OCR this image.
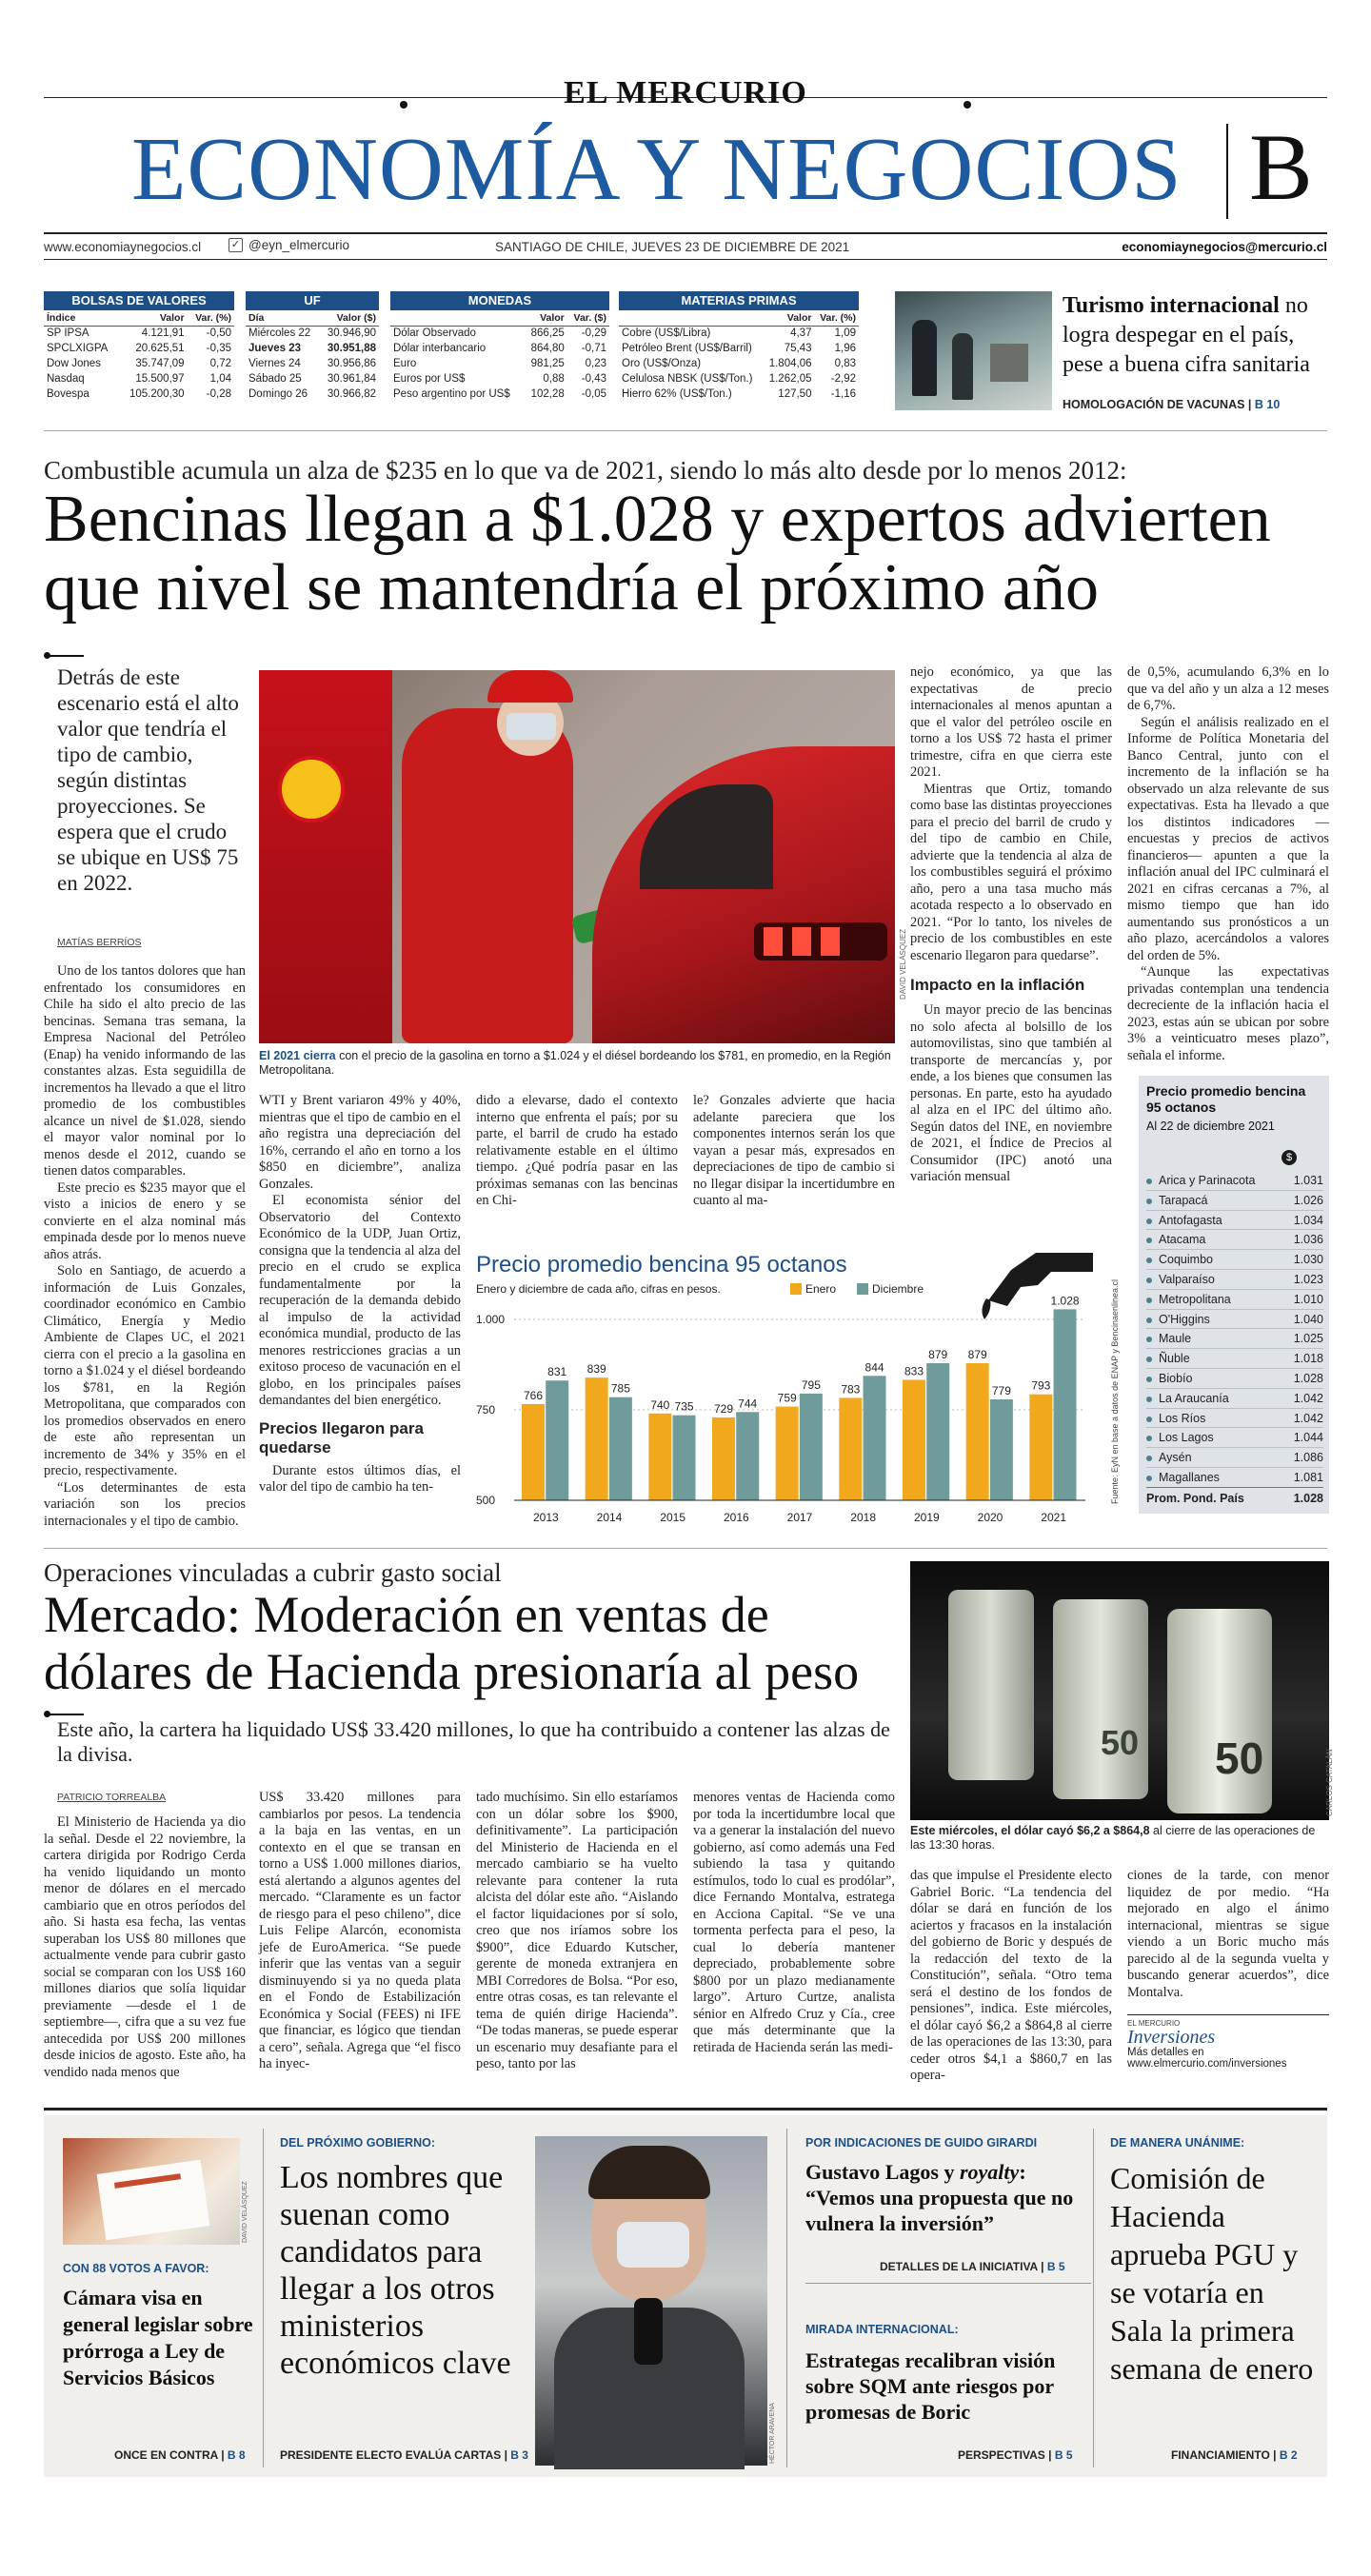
EL MERCURIO
ECONOMÍA Y NEGOCIOS B
www.economiaynegocios.cl	✓ @eyn_elmercurio	SANTIAGO DE CHILE, JUEVES 23 DE DICIEMBRE DE 2021	economiaynegocios@mercurio.cl
BOLSAS DE VALORES
Índice	Valor	Var. (%)
SP IPSA	4.121,91	-0,50
SPCLXIGPA	20.625,51	-0,35
Dow Jones	35.747,09	0,72
Nasdaq	15.500,97	1,04
Bovespa	105.200,30	-0,28
UF
Día	Valor ($)
Miércoles 22	30.946,90
Jueves 23	30.951,88
Viernes 24	30.956,86
Sábado 25	30.961,84
Domingo 26	30.966,82
MONEDAS
	Valor	Var. ($)
Dólar Observado	866,25	-0,29
Dólar interbancario	864,80	-0,71
Euro	981,25	0,23
Euros por US$	0,88	-0,43
Peso argentino por US$	102,28	-0,05
MATERIAS PRIMAS
	Valor	Var. (%)
Cobre (US$/Libra)	4,37	1,09
Petróleo Brent (US$/Barril)	75,43	1,96
Oro (US$/Onza)	1.804,06	0,83
Celulosa NBSK (US$/Ton.)	1.262,05	-2,92
Hierro 62% (US$/Ton.)	127,50	-1,16
Turismo internacional no logra despegar en el país, pese a buena cifra sanitaria
HOMOLOGACIÓN DE VACUNAS | B 10
Combustible acumula un alza de $235 en lo que va de 2021, siendo lo más alto desde por lo menos 2012:
Bencinas llegan a $1.028 y expertos advierten que nivel se mantendría el próximo año
Detrás de este escenario está el alto valor que tendría el tipo de cambio, según distintas proyecciones. Se espera que el crudo se ubique en US$ 75 en 2022.
MATÍAS BERRÍOS

Uno de los tantos dolores que han enfrentado los consumidores en Chile ha sido el alto precio de las bencinas. Semana tras semana, la Empresa Nacional del Petróleo (Enap) ha venido informando de las constantes alzas. Esta seguidilla de incrementos ha llevado a que el litro promedio de los combustibles alcance un nivel de $1.028, siendo el mayor valor nominal por lo menos desde el 2012, cuando se tienen datos comparables.

Este precio es $235 mayor que el visto a inicios de enero y se convierte en el alza nominal más empinada desde por lo menos nueve años atrás.

Solo en Santiago, de acuerdo a información de Luis Gonzales, coordinador económico en Cambio Climático, Energía y Medio Ambiente de Clapes UC, el 2021 cierra con el precio a la gasolina en torno a $1.024 y el diésel bordeando los $781, en la Región Metropolitana, que comparados con los promedios observados en enero de este año representan un incremento de 34% y 35% en el precio, respectivamente.

“Los determinantes de esta variación son los precios internacionales y el tipo de cambio.

DAVID VELÁSQUEZ
El 2021 cierra con el precio de la gasolina en torno a $1.024 y el diésel bordeando los $781, en promedio, en la Región Metropolitana.

WTI y Brent variaron 49% y 40%, mientras que el tipo de cambio en el año registra una depreciación del 16%, cerrando el año en torno a los $850 en diciembre”, analiza Gonzales.

El economista sénior del Observatorio del Contexto Económico de la UDP, Juan Ortiz, consigna que la tendencia al alza del precio en el crudo se explica fundamentalmente por la recuperación de la demanda debido al impulso de la actividad económica mundial, producto de las menores restricciones gracias a un exitoso proceso de vacunación en el globo, en los principales países demandantes del bien energético.

Precios llegaron para quedarse

Durante estos últimos días, el valor del tipo de cambio ha ten-

dido a elevarse, dado el contexto interno que enfrenta el país; por su parte, el barril de crudo ha estado relativamente estable en el último tiempo. ¿Qué podría pasar en las próximas semanas con las bencinas en Chi-
le? Gonzales advierte que hacia adelante pareciera que los componentes internos serán los que vayan a pesar más, expresados en depreciaciones de tipo de cambio si no llegar disipar la incertidumbre en cuanto al ma-

nejo económico, ya que las expectativas de precio internacionales al menos apuntan a que el valor del petróleo oscile en torno a los US$ 72 hasta el primer trimestre, cifra en que cierra este 2021.

Mientras que Ortiz, tomando como base las distintas proyecciones para el precio del barril de crudo y del tipo de cambio en Chile, advierte que la tendencia al alza de los combustibles seguirá el próximo año, pero a una tasa mucho más acotada respecto a lo observado en 2021. “Por lo tanto, los niveles de precio de los combustibles en este escenario llegaron para quedarse”.

Impacto en la inflación

Un mayor precio de las bencinas no solo afecta al bolsillo de los automovilistas, sino que también al transporte de mercancías y, por ende, a los bienes que consumen las personas. En parte, esto ha ayudado al alza en el IPC del último año. Según datos del INE, en noviembre de 2021, el Índice de Precios al Consumidor (IPC) anotó una variación mensual

de 0,5%, acumulando 6,3% en lo que va del año y un alza a 12 meses de 6,7%.

Según el análisis realizado en el Informe de Política Monetaria del Banco Central, junto con el incremento de la inflación se ha observado un alza relevante de sus expectativas. Esta ha llevado a que los distintos indicadores —encuestas y precios de activos financieros— apunten a que la inflación anual del IPC culminará el 2021 en cifras cercanas a 7%, al mismo tiempo que han ido aumentando sus pronósticos a un año plazo, acercándolos a valores del orden de 5%.

“Aunque las expectativas privadas contemplan una tendencia decreciente de la inflación hacia el 2023, estas aún se ubican por sobre 3% a veinticuatro meses plazo”, señala el informe.

Precio promedio bencina 95 octanos
Enero y diciembre de cada año, cifras en pesos.	Enero	Diciembre
1.000
750
500
766
831 839
785
740 735 729 744 759
795 783
844 833
879 879
779 793
1.028
2013	2014	2015	2016	2017	2018	2019	2020	2021
Fuente: EyN en base a datos de ENAP y Bencinaenlinea.cl
Precio promedio bencina 95 octanos
Al 22 de diciembre 2021
$
Arica y Parinacota	1.031
Tarapacá	1.026
Antofagasta	1.034
Atacama	1.036
Coquimbo	1.030
Valparaíso	1.023
Metropolitana	1.010
O'Higgins	1.040
Maule	1.025
Ñuble	1.018
Biobío	1.028
La Araucanía	1.042
Los Ríos	1.042
Los Lagos	1.044
Aysén	1.086
Magallanes	1.081
Prom. Pond. País	1.028
Operaciones vinculadas a cubrir gasto social
Mercado: Moderación en ventas de dólares de Hacienda presionaría al peso
Este año, la cartera ha liquidado US$ 33.420 millones, lo que ha contribuido a contener las alzas de la divisa.
PATRICIO TORREALBA
El Ministerio de Hacienda ya dio la señal. Desde el 22 noviembre, la cartera dirigida por Rodrigo Cerda ha venido liquidando un monto menor de dólares en el mercado cambiario que en otros períodos del año. Si hasta esa fecha, las ventas superaban los US$ 80 millones que actualmente vende para cubrir gasto social se comparan con los US$ 160 millones diarios que solía liquidar previamente —desde el 1 de septiembre—, cifra que a su vez fue antecedida por US$ 200 millones desde inicios de agosto. Este año, ha vendido nada menos que
US$ 33.420 millones para cambiarlos por pesos. La tendencia a la baja en las ventas, en un contexto en el que se transan en torno a US$ 1.000 millones diarios, está alertando a algunos agentes del mercado. “Claramente es un factor de riesgo para el peso chileno”, dice Luis Felipe Alarcón, economista jefe de EuroAmerica. “Se puede inferir que las ventas van a seguir disminuyendo si ya no queda plata en el Fondo de Estabilización Económica y Social (FEES) ni IFE que financiar, es lógico que tiendan a cero”, señala. Agrega que “el fisco ha inyec-
tado muchísimo. Sin ello estaríamos con un dólar sobre los $900, definitivamente”. La participación del Ministerio de Hacienda en el mercado cambiario se ha vuelto relevante para contener la ruta alcista del dólar este año. “Aislando el factor liquidaciones por sí solo, creo que nos iríamos sobre los $900”, dice Eduardo Kutscher, gerente de moneda extranjera en MBI Corredores de Bolsa. “Por eso, entre otras cosas, es tan relevante el tema de quién dirige Hacienda”. “De todas maneras, se puede esperar un escenario muy desafiante para el peso, tanto por las
menores ventas de Hacienda como por toda la incertidumbre local que va a generar la instalación del nuevo gobierno, así como además una Fed subiendo la tasa y quitando estímulos, todo lo cual es prodólar”, dice Fernando Montalva, estratega en Acciona Capital. “Se ve una tormenta perfecta para el peso, la cual lo debería mantener depreciado, probablemente sobre $800 por un plazo medianamente largo”. Arturo Curtze, analista sénior en Alfredo Cruz y Cía., cree que más determinante que la retirada de Hacienda serán las medi-
50
50
CARLOS CATALÁN
Este miércoles, el dólar cayó $6,2 a $864,8 al cierre de las operaciones de las 13:30 horas.
das que impulse el Presidente electo Gabriel Boric. “La tendencia del dólar se dará en función de los aciertos y fracasos en la instalación del gobierno de Boric y después de la redacción del texto de la Constitución”, señala. “Otro tema será el destino de los fondos de pensiones”, indica. Este miércoles, el dólar cayó $6,2 a $864,8 al cierre de las operaciones de las 13:30, para ceder otros $4,1 a $860,7 en las opera-
ciones de la tarde, con menor liquidez de por medio. “Ha mejorado en algo el ánimo internacional, mientras se sigue viendo a un Boric mucho más parecido al de la segunda vuelta y buscando generar acuerdos”, dice Montalva.
EL MERCURIO
Inversiones
Más detalles en
www.elmercurio.com/inversiones
DAVID VELÁSQUEZ
CON 88 VOTOS A FAVOR:
Cámara visa en general legislar sobre prórroga a Ley de Servicios Básicos
ONCE EN CONTRA | B 8
DEL PRÓXIMO GOBIERNO:
Los nombres que suenan como candidatos para llegar a los otros ministerios económicos clave
HÉCTOR ARAVENA
PRESIDENTE ELECTO EVALÚA CARTAS | B 3
POR INDICACIONES DE GUIDO GIRARDI
Gustavo Lagos y royalty: “Vemos una propuesta que no vulnera la inversión”
DETALLES DE LA INICIATIVA | B 5
MIRADA INTERNACIONAL:
Estrategas recalibran visión sobre SQM ante riesgos por promesas de Boric
PERSPECTIVAS | B 5
DE MANERA UNÁNIME:
Comisión de Hacienda aprueba PGU y se votaría en Sala la primera semana de enero
FINANCIAMIENTO | B 2
